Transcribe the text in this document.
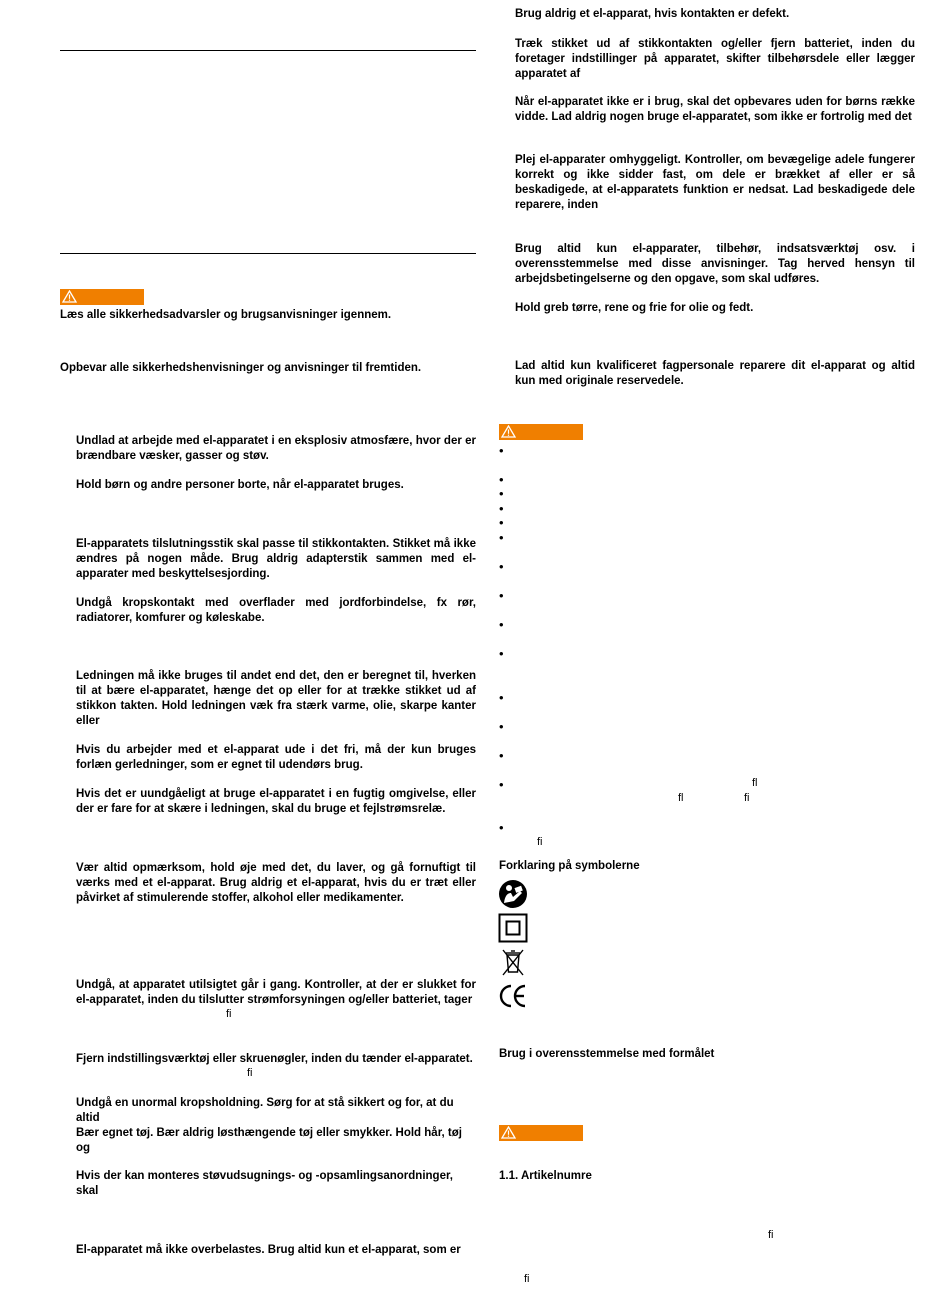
Læs alle sikkerhedsadvarsler og brugsanvisninger igennem.

Opbevar alle sikkerhedshenvisninger og anvisninger til fremtiden.

Undlad at arbejde med el-apparatet i en eksplosiv atmosfære, hvor der er brændbare væsker, gasser og støv.

Hold børn og andre personer borte, når el-apparatet bruges.

El-apparatets tilslutningsstik skal passe til stikkontakten. Stikket må ikke ændres på nogen måde. Brug aldrig adapterstik sammen med el-apparater med beskyttelsesjording.

Undgå kropskontakt med overflader med jordforbindelse, fx rør, radiatorer, komfurer og køleskabe.

Ledningen må ikke bruges til andet end det, den er beregnet til, hverken til at bære el-apparatet, hænge det op eller for at trække stikket ud af stikkon takten. Hold ledningen væk fra stærk varme, olie, skarpe kanter eller

Hvis du arbejder med et el-apparat ude i det fri, må der kun bruges forlæn gerledninger, som er egnet til udendørs brug.

Hvis det er uundgåeligt at bruge el-apparatet i en fugtig omgivelse, eller der er fare for at skære i ledningen, skal du bruge et fejlstrømsrelæ.

Vær altid opmærksom, hold øje med det, du laver, og gå fornuftigt til værks med et el-apparat. Brug aldrig et el-apparat, hvis du er træt eller påvirket af stimulerende stoffer, alkohol eller medikamenter.

Undgå, at apparatet utilsigtet går i gang. Kontroller, at der er slukket for el-apparatet, inden du tilslutter strømforsyningen og/eller batteriet, tager

fi

Fjern indstillingsværktøj eller skruenøgler, inden du tænder el-apparatet.

fi

Undgå en unormal kropsholdning. Sørg for at stå sikkert og for, at du altid

Bær egnet tøj. Bær aldrig løsthængende tøj eller smykker. Hold hår, tøj og

Hvis der kan monteres støvudsugnings- og -opsamlingsanordninger, skal

El-apparatet må ikke overbelastes. Brug altid kun et el-apparat, som er

Brug aldrig et el-apparat, hvis kontakten er defekt.

Træk stikket ud af stikkontakten og/eller fjern batteriet, inden du foretager indstillinger på apparatet, skifter tilbehørsdele eller lægger apparatet af

Når el-apparatet ikke er i brug, skal det opbevares uden for børns række vidde. Lad aldrig nogen bruge el-apparatet, som ikke er fortrolig med det

Plej el-apparater omhyggeligt. Kontroller, om bevægelige adele fungerer korrekt og ikke sidder fast, om dele er brækket af eller er så beskadigede, at el-apparatets funktion er nedsat. Lad beskadigede dele reparere, inden

Brug altid kun el-apparater, tilbehør, indsatsværktøj osv. i overensstemmelse med disse anvisninger. Tag herved hensyn til arbejdsbetingelserne og den opgave, som skal udføres.

Hold greb tørre, rene og frie for olie og fedt.

Lad altid kun kvalificeret fagpersonale reparere dit el-apparat og altid kun med originale reservedele.

•
•
•
•
•
•
•
•
•
•
•
•
•
•
•
fl
fl	fi
fi

Forklaring på symbolerne

Brug i overensstemmelse med formålet

1.1. Artikelnumre

fi
fi
